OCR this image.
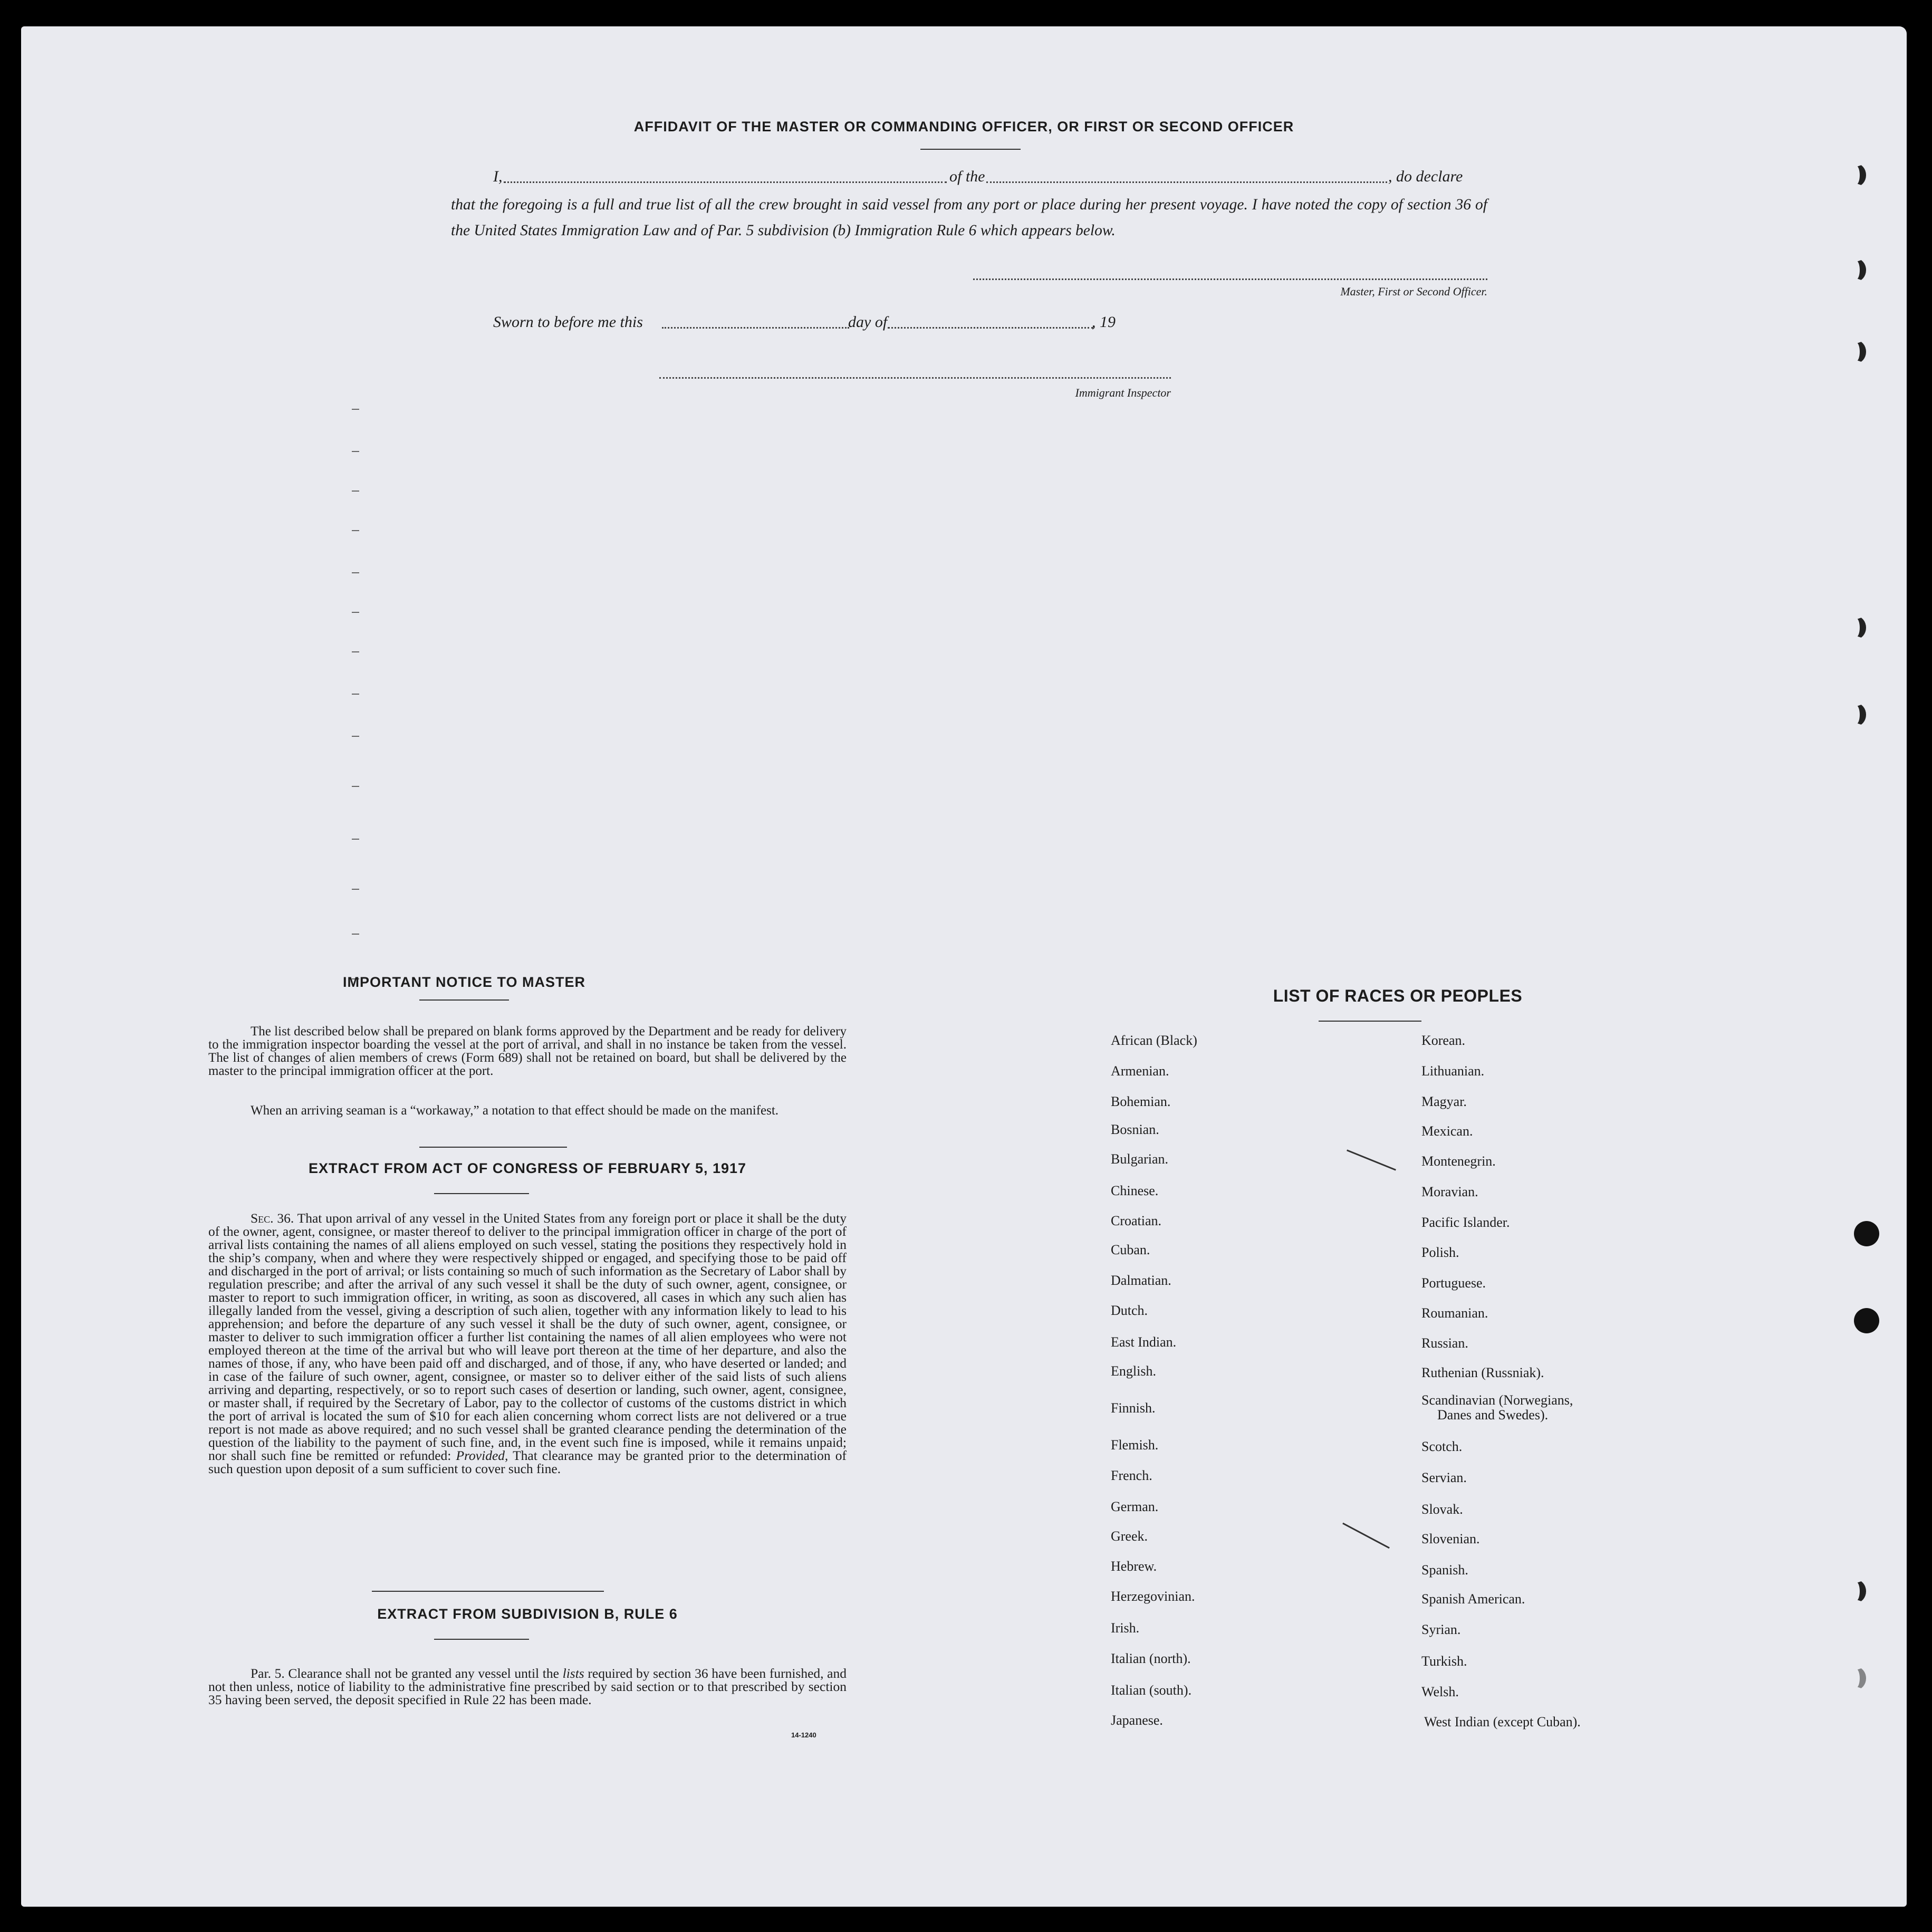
AFFIDAVIT OF THE MASTER OR COMMANDING OFFICER, OR FIRST OR SECOND OFFICER
I,	of the	, do declare
that the foregoing is a full and true list of all the crew brought in said vessel from any port or place during her present voyage. I have noted the copy of section 36 of the United States Immigration Law and of Par. 5 subdivision (b) Immigration Rule 6 which appears below.
Master, First or Second Officer.
Sworn to before me this	day of	, 19
Immigrant Inspector
IMPORTANT NOTICE TO MASTER
The list described below shall be prepared on blank forms approved by the Department and be ready for delivery to the immigration inspector boarding the vessel at the port of arrival, and shall in no instance be taken from the vessel. The list of changes of alien members of crews (Form 689) shall not be retained on board, but shall be delivered by the master to the principal immigration officer at the port.
When an arriving seaman is a “workaway,” a notation to that effect should be made on the manifest.
EXTRACT FROM ACT OF CONGRESS OF FEBRUARY 5, 1917
Sec. 36. That upon arrival of any vessel in the United States from any foreign port or place it shall be the duty of the owner, agent, consignee, or master thereof to deliver to the principal immigration officer in charge of the port of arrival lists containing the names of all aliens employed on such vessel, stating the positions they respectively hold in the ship’s company, when and where they were respectively shipped or engaged, and specifying those to be paid off and discharged in the port of arrival; or lists containing so much of such information as the Secretary of Labor shall by regulation prescribe; and after the arrival of any such vessel it shall be the duty of such owner, agent, consignee, or master to report to such immigration officer, in writing, as soon as discovered, all cases in which any such alien has illegally landed from the vessel, giving a description of such alien, together with any information likely to lead to his apprehension; and before the departure of any such vessel it shall be the duty of such owner, agent, consignee, or master to deliver to such immigration officer a further list containing the names of all alien employees who were not employed thereon at the time of the arrival but who will leave port thereon at the time of her departure, and also the names of those, if any, who have been paid off and discharged, and of those, if any, who have deserted or landed; and in case of the failure of such owner, agent, consignee, or master so to deliver either of the said lists of such aliens arriving and departing, respectively, or so to report such cases of desertion or landing, such owner, agent, consignee, or master shall, if required by the Secretary of Labor, pay to the collector of customs of the customs district in which the port of arrival is located the sum of $10 for each alien concerning whom correct lists are not delivered or a true report is not made as above required; and no such vessel shall be granted clearance pending the determination of the question of the liability to the payment of such fine, and, in the event such fine is imposed, while it remains unpaid; nor shall such fine be remitted or refunded: Provided, That clearance may be granted prior to the determination of such question upon deposit of a sum sufficient to cover such fine.
EXTRACT FROM SUBDIVISION B, RULE 6
Par. 5. Clearance shall not be granted any vessel until the lists required by section 36 have been furnished, and not then unless, notice of liability to the administrative fine prescribed by said section or to that prescribed by section 35 having been served, the deposit specified in Rule 22 has been made.
14-1240
LIST OF RACES OR PEOPLES
African (Black)
Armenian.
Bohemian.
Bosnian.
Bulgarian.
Chinese.
Croatian.
Cuban.
Dalmatian.
Dutch.
East Indian.
English.
Finnish.
Flemish.
French.
German.
Greek.
Hebrew.
Herzegovinian.
Irish.
Italian (north).
Italian (south).
Japanese.
Korean.
Lithuanian.
Magyar.
Mexican.
Montenegrin.
Moravian.
Pacific Islander.
Polish.
Portuguese.
Roumanian.
Russian.
Ruthenian (Russniak).
Scandinavian (Norwegians,
Danes and Swedes).
Scotch.
Servian.
Slovak.
Slovenian.
Spanish.
Spanish American.
Syrian.
Turkish.
Welsh.
West Indian (except Cuban).
